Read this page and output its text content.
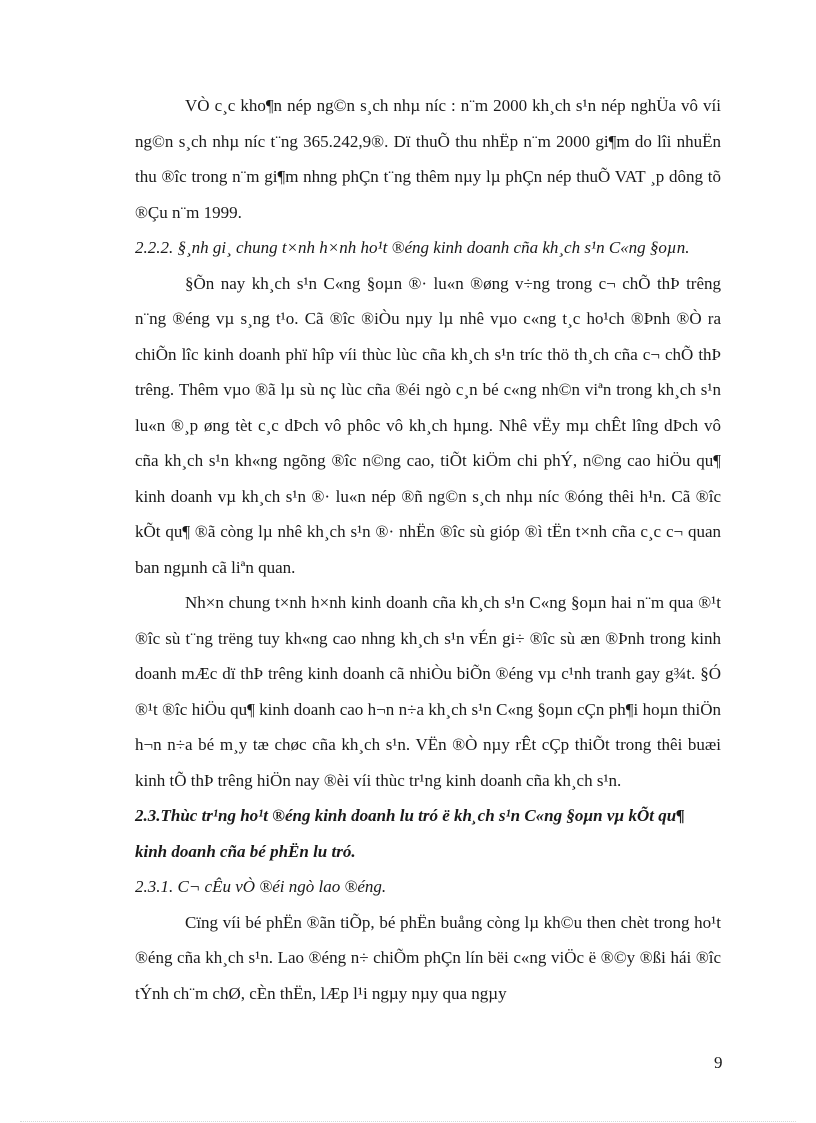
VÒ c¸c kho¶n nép ng©n s¸ch nhµ níc : n¨m 2000 kh¸ch s¹n nép nghÜa vô víi ng©n s¸ch nhµ níc t¨ng 365.242,9®. Dï thuÕ thu nhËp n¨m 2000 gi¶m do lîi nhuËn thu ®îc trong n¨m gi¶m nhng phÇn t¨ng thêm nµy lµ phÇn nép thuÕ VAT ¸p dông tõ ®Çu n¨m 1999.

2.2.2. §¸nh gi¸ chung t×nh h×nh ho¹t ®éng kinh doanh cña kh¸ch s¹n C«ng §oµn.

§Õn nay kh¸ch s¹n C«ng §oµn ®· lu«n ®øng v÷ng trong c¬ chÕ thÞ trêng n¨ng ®éng vµ s¸ng t¹o. Cã ®îc ®iÒu nµy lµ nhê vµo c«ng t¸c ho¹ch ®Þnh ®Ò ra chiÕn lîc kinh doanh phï hîp víi thùc lùc cña kh¸ch s¹n tríc thö th¸ch cña c¬ chÕ thÞ trêng. Thêm vµo ®ã lµ sù nç lùc cña ®éi ngò c¸n bé c«ng nh©n viªn trong kh¸ch s¹n lu«n ®¸p øng tèt c¸c dÞch vô phôc vô kh¸ch hµng. Nhê vËy mµ chÊt lîng dÞch vô cña kh¸ch s¹n kh«ng ngõng ®îc n©ng cao, tiÕt kiÖm chi phÝ, n©ng cao hiÖu qu¶ kinh doanh vµ kh¸ch s¹n ®· lu«n nép ®ñ ng©n s¸ch nhµ níc ®óng thêi h¹n. Cã ®îc kÕt qu¶ ®ã còng lµ nhê kh¸ch s¹n ®· nhËn ®îc sù gióp ®ì tËn t×nh cña c¸c c¬ quan ban ngµnh cã liªn quan.

Nh×n chung t×nh h×nh kinh doanh cña kh¸ch s¹n C«ng §oµn hai n¨m qua ®¹t ®îc sù t¨ng trëng tuy kh«ng cao nhng kh¸ch s¹n vÉn gi÷ ®îc sù æn ®Þnh trong kinh doanh mÆc dï thÞ trêng kinh doanh cã nhiÒu biÕn ®éng vµ c¹nh tranh gay g¾t. §Ó ®¹t ®îc hiÖu qu¶ kinh doanh cao h¬n n÷a kh¸ch s¹n C«ng §oµn cÇn ph¶i hoµn thiÖn h¬n n÷a bé m¸y tæ chøc cña kh¸ch s¹n. VËn ®Ò nµy rÊt cÇp thiÕt trong thêi buæi kinh tÕ thÞ trêng hiÖn nay ®èi víi thùc tr¹ng kinh doanh cña kh¸ch s¹n.

2.3.Thùc tr¹ng ho¹t ®éng kinh doanh lu tró ë kh¸ch s¹n C«ng §oµn vµ kÕt qu¶ kinh doanh cña bé phËn lu tró.

2.3.1. C¬ cÊu vÒ ®éi ngò lao ®éng.

Cïng víi bé phËn ®ãn tiÕp, bé phËn buång còng lµ kh©u then chèt trong ho¹t ®éng cña kh¸ch s¹n. Lao ®éng n÷ chiÕm phÇn lín bëi c«ng viÖc ë ®©y ®ßi hái ®îc tÝnh ch¨m chØ, cÈn thËn, lÆp l¹i ngµy nµy qua ngµy

9
